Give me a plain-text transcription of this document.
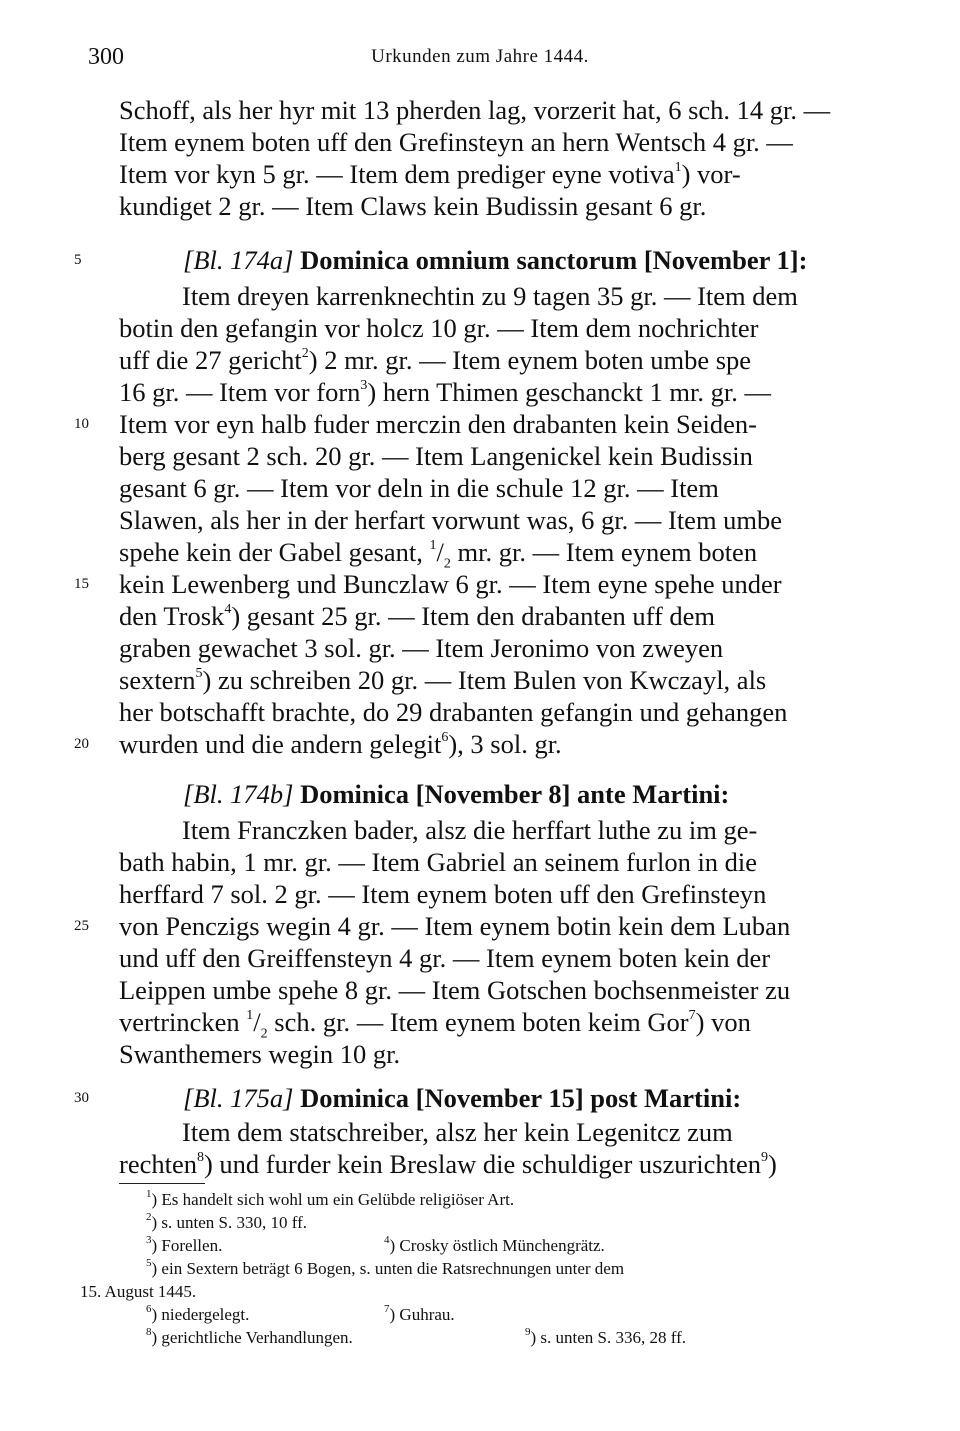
300	Urkunden zum Jahre 1444.
Schoff, als her hyr mit 13 pherden lag, vorzerit hat, 6 sch. 14 gr. —
Item eynem boten uff den Grefinsteyn an hern Wentsch 4 gr. —
Item vor kyn 5 gr. — Item dem prediger eyne votiva$^1$) vor-
kundiget 2 gr. — Item Claws kein Budissin gesant 6 gr.
5	[Bl. 174a] Dominica omnium sanctorum [November 1]:
Item dreyen karrenknechtin zu 9 tagen 35 gr. — Item dem
botin den gefangin vor holcz 10 gr. — Item dem nochrichter
uff die 27 gericht$^2$) 2 mr. gr. — Item eynem boten umbe spe
16 gr. — Item vor forn$^3$) hern Thimen geschanckt 1 mr. gr. —
10	Item vor eyn halb fuder merczin den drabanten kein Seiden-
berg gesant 2 sch. 20 gr. — Item Langenickel kein Budissin
gesant 6 gr. — Item vor deln in die schule 12 gr. — Item
Slawen, als her in der herfart vorwunt was, 6 gr. — Item umbe
spehe kein der Gabel gesant, $^1/_2$ mr. gr. — Item eynem boten
15	kein Lewenberg und Bunczlaw 6 gr. — Item eyne spehe under
den Trosk$^4$) gesant 25 gr. — Item den drabanten uff dem
graben gewachet 3 sol. gr. — Item Jeronimo von zweyen
sextern$^5$) zu schreiben 20 gr. — Item Bulen von Kwczayl, als
her botschafft brachte, do 29 drabanten gefangin und gehangen
20	wurden und die andern gelegit$^6$), 3 sol. gr.
[Bl. 174b] Dominica [November 8] ante Martini:
Item Franczken bader, alsz die herffart luthe zu im ge-
bath habin, 1 mr. gr. — Item Gabriel an seinem furlon in die
herffard 7 sol. 2 gr. — Item eynem boten uff den Grefinsteyn
25	von Penczigs wegin 4 gr. — Item eynem botin kein dem Luban
und uff den Greiffensteyn 4 gr. — Item eynem boten kein der
Leippen umbe spehe 8 gr. — Item Gotschen bochsenmeister zu
vertrincken $^1/_2$ sch. gr. — Item eynem boten keim Gor$^7$) von
Swanthemers wegin 10 gr.
30	[Bl. 175a] Dominica [November 15] post Martini:
Item dem statschreiber, alsz her kein Legenitcz zum
rechten$^8$) und furder kein Breslaw die schuldiger uszurichten$^9$)
$^1$) Es handelt sich wohl um ein Gelübde religiöser Art.
$^2$) s. unten S. 330, 10 ff.
$^3$) Forellen.	$^4$) Crosky östlich Münchengrätz.
$^5$) ein Sextern beträgt 6 Bogen, s. unten die Ratsrechnungen unter dem
15. August 1445.
$^6$) niedergelegt.	$^7$) Guhrau.
$^8$) gerichtliche Verhandlungen.	$^9$) s. unten S. 336, 28 ff.
